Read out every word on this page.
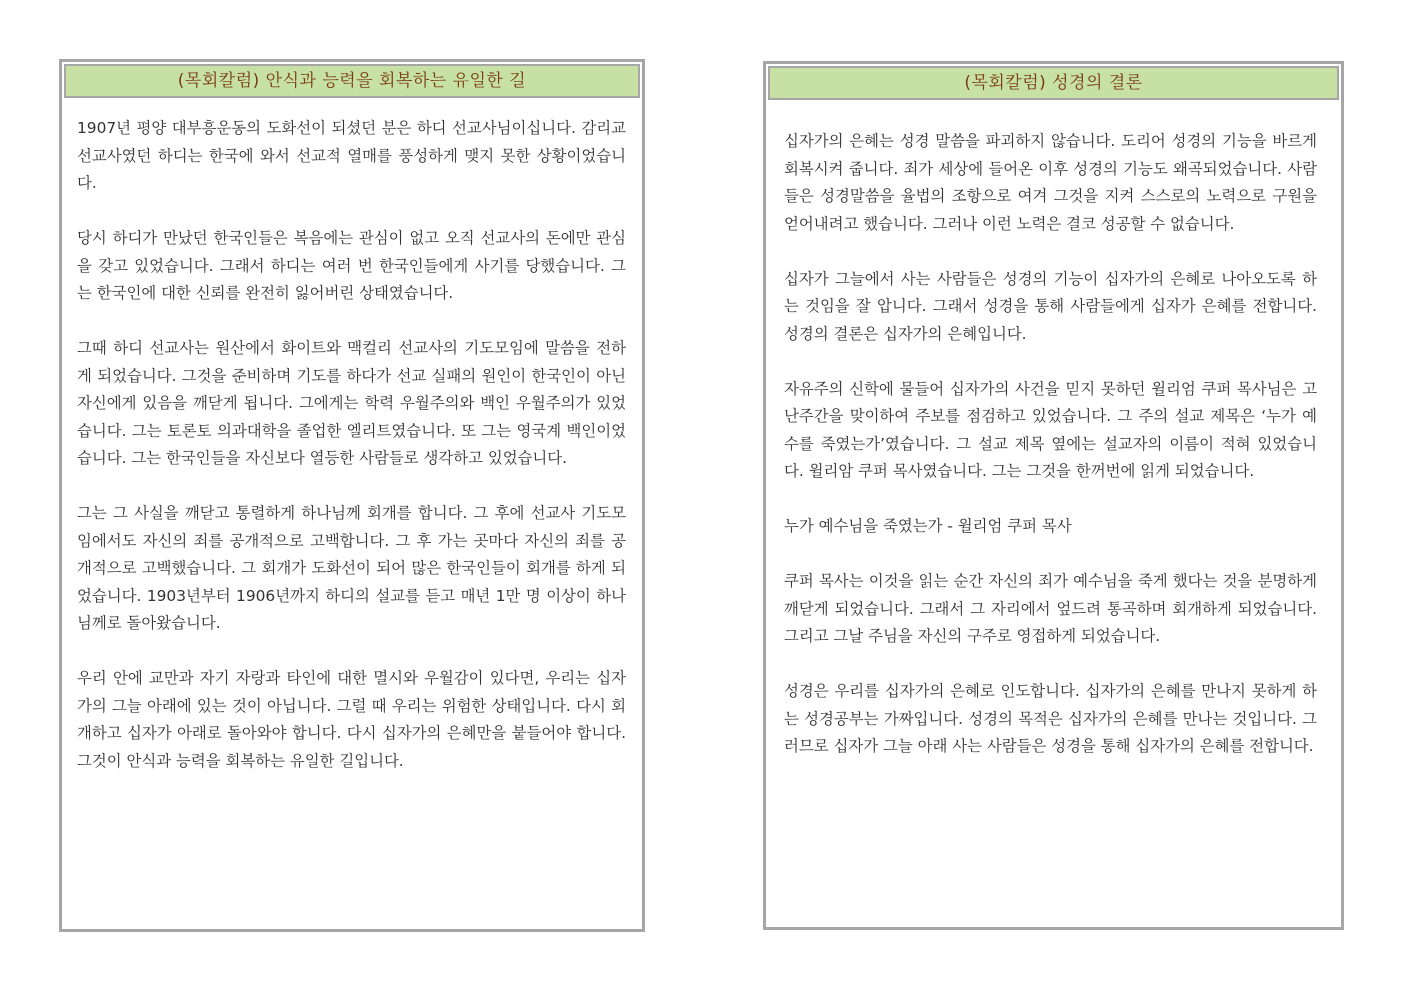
(목회칼럼) 안식과 능력을 회복하는 유일한 길

1907년 평양 대부흥운동의 도화선이 되셨던 분은 하디 선교사님이십니다. 감리교 선교사였던 하디는 한국에 와서 선교적 열매를 풍성하게 맺지 못한 상황이었습니다.

당시 하디가 만났던 한국인들은 복음에는 관심이 없고 오직 선교사의 돈에만 관심을 갖고 있었습니다. 그래서 하디는 여러 번 한국인들에게 사기를 당했습니다. 그는 한국인에 대한 신뢰를 완전히 잃어버린 상태였습니다.

그때 하디 선교사는 원산에서 화이트와 맥컬리 선교사의 기도모임에 말씀을 전하게 되었습니다. 그것을 준비하며 기도를 하다가 선교 실패의 원인이 한국인이 아닌 자신에게 있음을 깨닫게 됩니다. 그에게는 학력 우월주의와 백인 우월주의가 있었습니다. 그는 토론토 의과대학을 졸업한 엘리트였습니다. 또 그는 영국계 백인이었습니다. 그는 한국인들을 자신보다 열등한 사람들로 생각하고 있었습니다.

그는 그 사실을 깨닫고 통렬하게 하나님께 회개를 합니다. 그 후에 선교사 기도모임에서도 자신의 죄를 공개적으로 고백합니다. 그 후 가는 곳마다 자신의 죄를 공개적으로 고백했습니다. 그 회개가 도화선이 되어 많은 한국인들이 회개를 하게 되었습니다. 1903년부터 1906년까지 하디의 설교를 듣고 매년 1만 명 이상이 하나님께로 돌아왔습니다.

우리 안에 교만과 자기 자랑과 타인에 대한 멸시와 우월감이 있다면, 우리는 십자가의 그늘 아래에 있는 것이 아닙니다. 그럴 때 우리는 위험한 상태입니다. 다시 회개하고 십자가 아래로 돌아와야 합니다. 다시 십자가의 은혜만을 붙들어야 합니다. 그것이 안식과 능력을 회복하는 유일한 길입니다.

(목회칼럼) 성경의 결론

십자가의 은혜는 성경 말씀을 파괴하지 않습니다. 도리어 성경의 기능을 바르게 회복시켜 줍니다. 죄가 세상에 들어온 이후 성경의 기능도 왜곡되었습니다. 사람들은 성경말씀을 율법의 조항으로 여겨 그것을 지켜 스스로의 노력으로 구원을 얻어내려고 했습니다. 그러나 이런 노력은 결코 성공할 수 없습니다.

십자가 그늘에서 사는 사람들은 성경의 기능이 십자가의 은혜로 나아오도록 하는 것임을 잘 압니다. 그래서 성경을 통해 사람들에게 십자가 은혜를 전합니다. 성경의 결론은 십자가의 은혜입니다.

자유주의 신학에 물들어 십자가의 사건을 믿지 못하던 윌리엄 쿠퍼 목사님은 고난주간을 맞이하여 주보를 점검하고 있었습니다. 그 주의 설교 제목은 ‘누가 예수를 죽였는가’였습니다. 그 설교 제목 옆에는 설교자의 이름이 적혀 있었습니다. 윌리암 쿠퍼 목사였습니다. 그는 그것을 한꺼번에 읽게 되었습니다.

누가 예수님을 죽였는가 - 윌리엄 쿠퍼 목사

쿠퍼 목사는 이것을 읽는 순간 자신의 죄가 예수님을 죽게 했다는 것을 분명하게 깨닫게 되었습니다. 그래서 그 자리에서 엎드려 통곡하며 회개하게 되었습니다. 그리고 그날 주님을 자신의 구주로 영접하게 되었습니다.

성경은 우리를 십자가의 은혜로 인도합니다. 십자가의 은혜를 만나지 못하게 하는 성경공부는 가짜입니다. 성경의 목적은 십자가의 은혜를 만나는 것입니다. 그러므로 십자가 그늘 아래 사는 사람들은 성경을 통해 십자가의 은혜를 전합니다.
